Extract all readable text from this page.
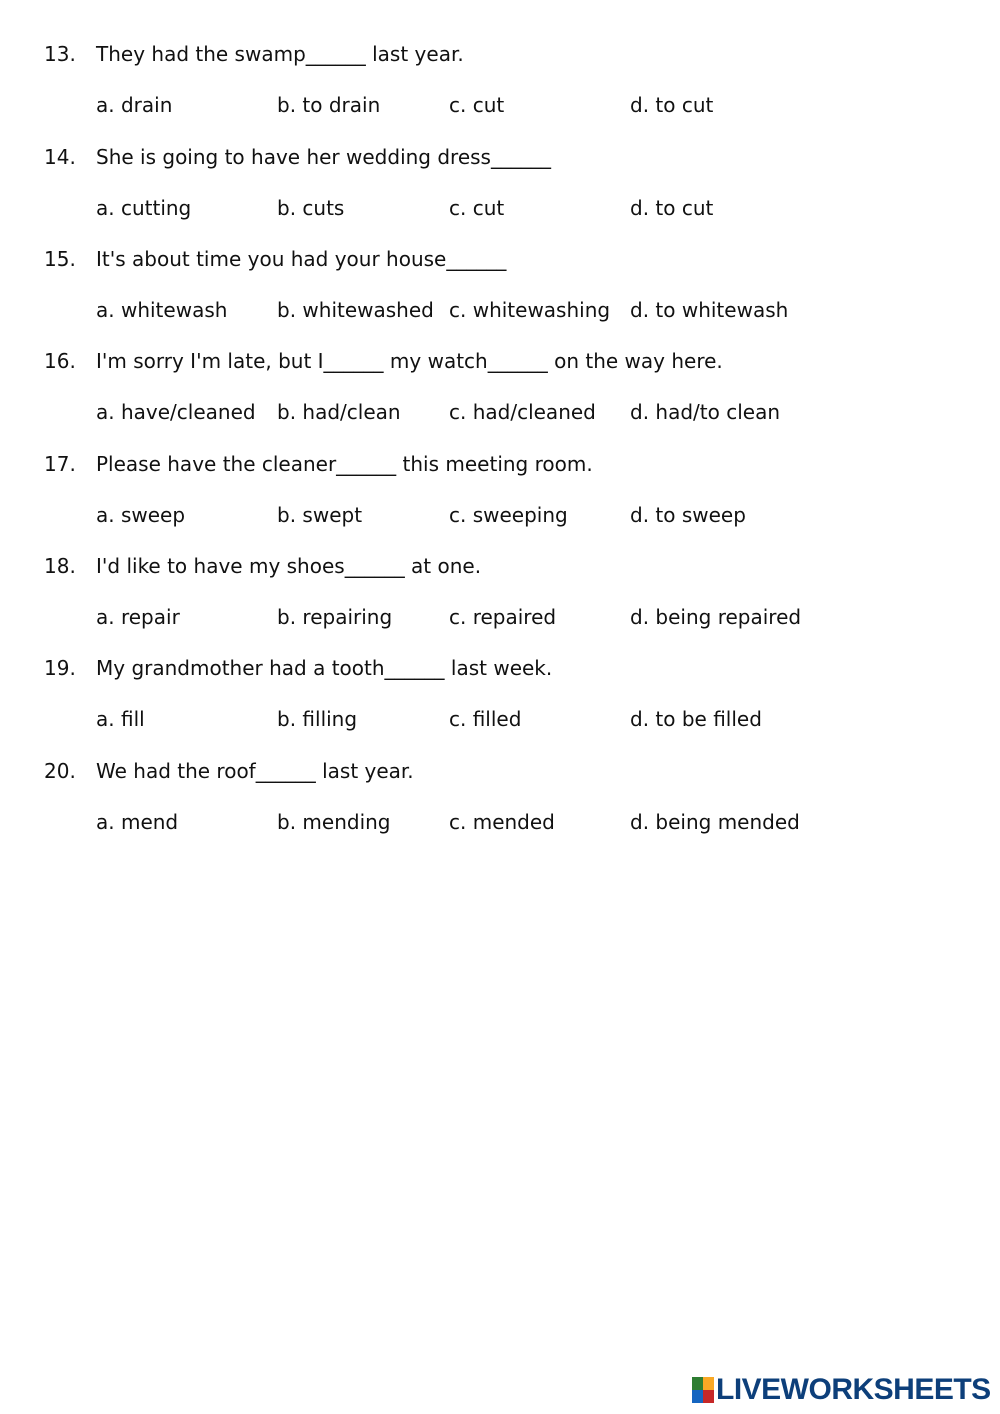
13. They had the swamp______ last year.
a. drain	b. to drain	c. cut	d. to cut
14. She is going to have her wedding dress______
a. cutting	b. cuts	c. cut	d. to cut
15. It's about time you had your house______
a. whitewash b. whitewashed c. whitewashing d. to whitewash
16. I'm sorry I'm late, but I______ my watch______ on the way here.
a. have/cleaned b. had/clean c. had/cleaned d. had/to clean
17. Please have the cleaner______ this meeting room.
a. sweep	b. swept	c. sweeping	d. to sweep
18. I'd like to have my shoes______ at one.
a. repair	b. repairing	c. repaired	d. being repaired
19. My grandmother had a tooth______ last week.
a. fill	b. filling	c. filled	d. to be filled
20. We had the roof______ last year.
a. mend	b. mending	c. mended	d. being mended
LIVEWORKSHEETS
